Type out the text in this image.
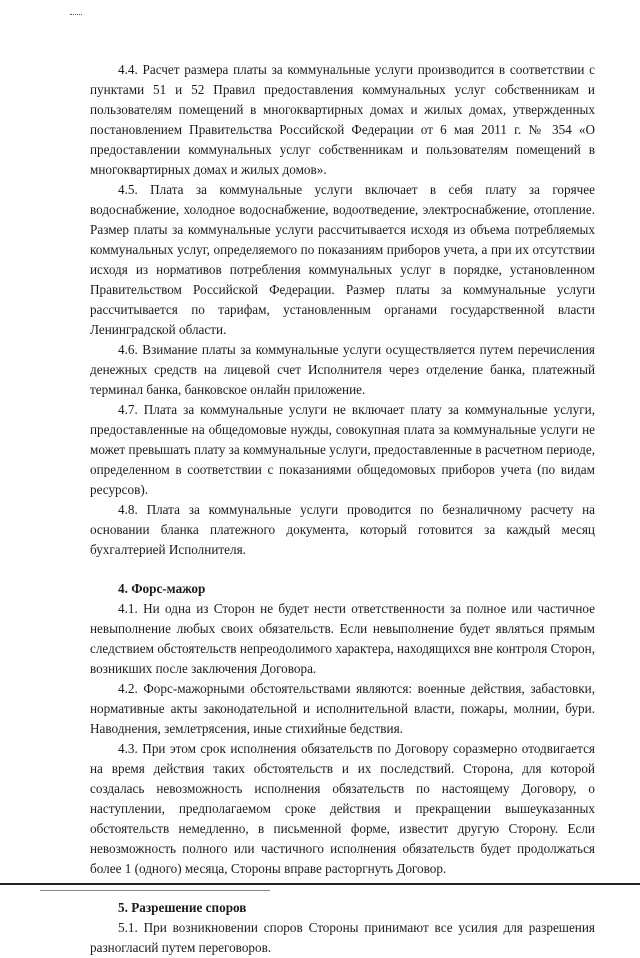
4.4. Расчет размера платы за коммунальные услуги производится в соответствии с пунктами 51 и 52 Правил предоставления коммунальных услуг собственникам и пользователям помещений в многоквартирных домах и жилых домах, утвержденных постановлением Правительства Российской Федерации от 6 мая 2011 г. № 354 «О предоставлении коммунальных услуг собственникам и пользователям помещений в многоквартирных домах и жилых домов».

4.5. Плата за коммунальные услуги включает в себя плату за горячее водоснабжение, холодное водоснабжение, водоотведение, электроснабжение, отопление. Размер платы за коммунальные услуги рассчитывается исходя из объема потребляемых коммунальных услуг, определяемого по показаниям приборов учета, а при их отсутствии исходя из нормативов потребления коммунальных услуг в порядке, установленном Правительством Российской Федерации. Размер платы за коммунальные услуги рассчитывается по тарифам, установленным органами государственной власти Ленинградской области.

4.6. Взимание платы за коммунальные услуги осуществляется путем перечисления денежных средств на лицевой счет Исполнителя через отделение банка, платежный терминал банка, банковское онлайн приложение.

4.7. Плата за коммунальные услуги не включает плату за коммунальные услуги, предоставленные на общедомовые нужды, совокупная плата за коммунальные услуги не может превышать плату за коммунальные услуги, предоставленные в расчетном периоде, определенном в соответствии с показаниями общедомовых приборов учета (по видам ресурсов).

4.8. Плата за коммунальные услуги проводится по безналичному расчету на основании бланка платежного документа, который готовится за каждый месяц бухгалтерией Исполнителя.

4. Форс-мажор

4.1. Ни одна из Сторон не будет нести ответственности за полное или частичное невыполнение любых своих обязательств. Если невыполнение будет являться прямым следствием обстоятельств непреодолимого характера, находящихся вне контроля Сторон, возникших после заключения Договора.

4.2. Форс-мажорными обстоятельствами являются: военные действия, забастовки, нормативные акты законодательной и исполнительной власти, пожары, молнии, бури. Наводнения, землетрясения, иные стихийные бедствия.

4.3. При этом срок исполнения обязательств по Договору соразмерно отодвигается на время действия таких обстоятельств и их последствий. Сторона, для которой создалась невозможность исполнения обязательств по настоящему Договору, о наступлении, предполагаемом сроке действия и прекращении вышеуказанных обстоятельств немедленно, в письменной форме, известит другую Сторону. Если невозможность полного или частичного исполнения обязательств будет продолжаться более 1 (одного) месяца, Стороны вправе расторгнуть Договор.

5. Разрешение споров

5.1. При возникновении споров Стороны принимают все усилия для разрешения разногласий путем переговоров.
